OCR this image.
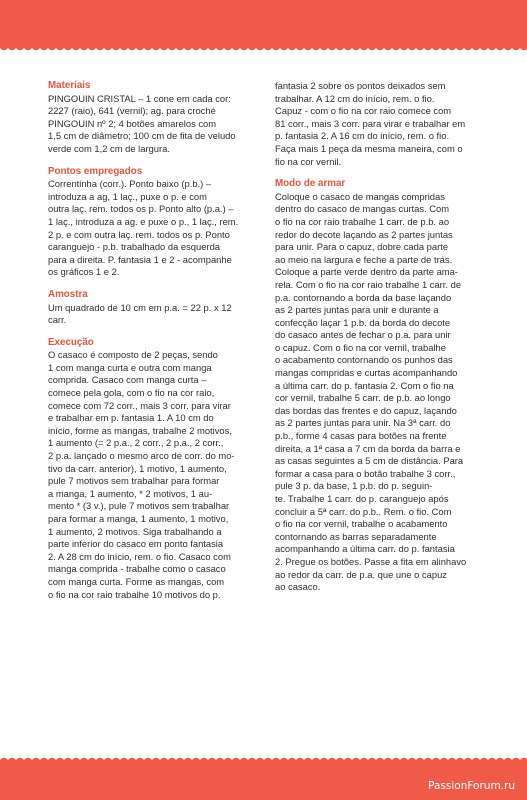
Materiais
PINGOUIN CRISTAL – 1 cone em cada cor:
2227 (raio), 641 (vernil); ag. para croché
PINGOUIN nº 2; 4 botões amarelos com
1,5 cm de diâmetro; 100 cm de fita de veludo
verde com 1,2 cm de largura.
Pontos empregados
Correntinha (corr.). Ponto baixo (p.b.) –
introduza a ag, 1 laç., puxe o p. e com
outra laç. rem. todos os p. Ponto alto (p.a.) –
1 laç., introduza a ag. e puxe o p., 1 laç., rem.
2 p. e com outra laç. rem. todos os p. Ponto
caranguejo - p.b. trabalhado da esquerda
para a direita. P. fantasia 1 e 2 - acompanhe
os gráficos 1 e 2.
Amostra
Um quadrado de 10 cm em p.a. = 22 p. x 12
carr.
Execução
O casaco é composto de 2 peças, sendo
1 com manga curta e outra com manga
comprida. Casaco com manga curta –
comece pela gola, com o fio na cor raio,
comece com 72 corr., mais 3 corr. para virar
e trabalhar em p. fantasia 1. A 10 cm do
início, forme as mangas, trabalhe 2 motivos,
1 aumento (= 2 p.a., 2 corr., 2 p.a., 2 corr.,
2 p.a. lançado o mesmo arco de corr. do mo-
tivo da carr. anterior), 1 motivo, 1 aumento,
pule 7 motivos sem trabalhar para formar
a manga, 1 aumento, * 2 motivos, 1 au-
mento * (3 v.), pule 7 motivos sem trabalhar
para formar a manga, 1 aumento, 1 motivo,
1 aumento, 2 motivos. Siga trabalhando a
parte inferior do casaco em ponto fantasia
2. A 28 cm do início, rem. o fio. Casaco com
manga comprida - trabalhe como o casaco
com manga curta. Forme as mangas, com
o fio na cor raio trabalhe 10 motivos do p.
fantasia 2 sobre os pontos deixados sem
trabalhar. A 12 cm do início, rem. o fio.
Capuz - com o fio na cor raio comece com
81 corr., mais 3 corr. para virar e trabalhar em
p. fantasia 2. A 16 cm do início, rem. o fio.
Faça mais 1 peça da mesma maneira, com o
fio na cor vernil.
Modo de armar
Coloque o casaco de mangas compridas
dentro do casaco de mangas curtas. Com
o fio na cor raio trabalhe 1 carr. de p.b. ao
redor do decote laçando as 2 partes juntas
para unir. Para o capuz, dobre cada parte
ao meio na largura e feche a parte de trás.
Coloque a parte verde dentro da parte ama-
rela. Com o fio na cor raio trabalhe 1 carr. de
p.a. contornando a borda da base laçando
as 2 partes juntas para unir e durante a
confecção laçar 1 p.b. da borda do decote
do casaco antes de fechar o p.a. para unir
o capuz. Com o fio na cor vernil, trabalhe
o acabamento contornando os punhos das
mangas compridas e curtas acompanhando
a última carr. do p. fantasia 2. Com o fio na
cor vernil, trabalhe 5 carr. de p.b. ao longo
das bordas das frentes e do capuz, laçando
as 2 partes juntas para unir. Na 3ª carr. do
p.b., forme 4 casas para botões na frente
direita, a 1ª casa a 7 cm da borda da barra e
as casas seguintes a 5 cm de distância. Para
formar a casa para o botão trabalhe 3 corr.,
pule 3 p. da base, 1 p.b. do p. seguin-
te. Trabalhe 1 carr. do p. caranguejo após
concluir a 5ª carr. do p.b.. Rem. o fio. Com
o fio na cor vernil, trabalhe o acabamento
contornando as barras separadamente
acompanhando a última carr. do p. fantasia
2. Pregue os botões. Passe a fita em alinhavo
ao redor da carr. de p.a. que une o capuz
ao casaco.
PassionForum.ru
